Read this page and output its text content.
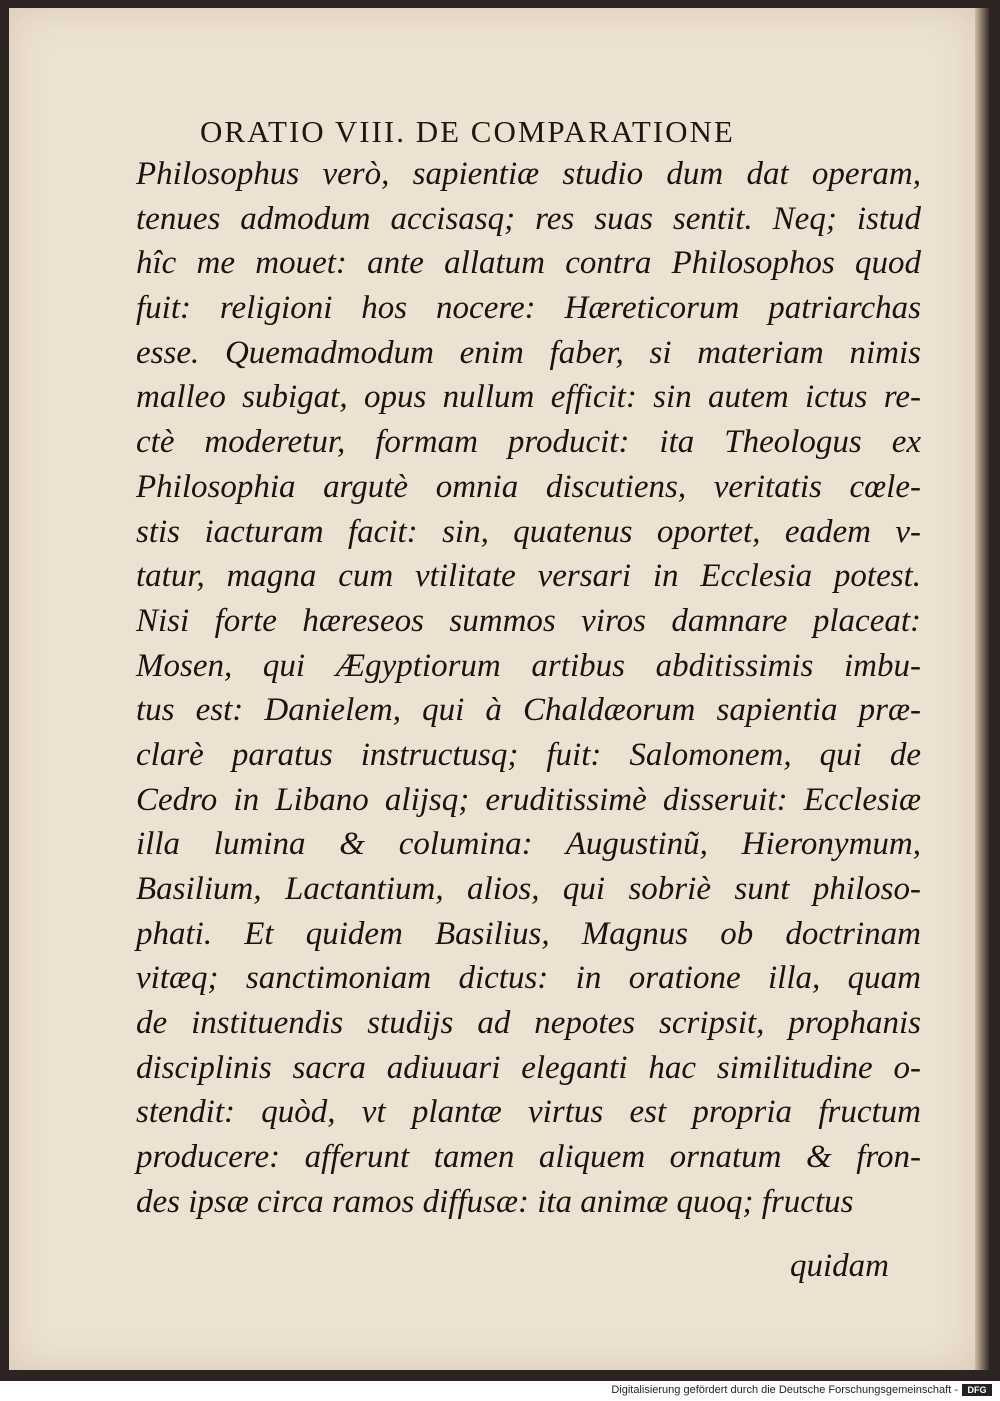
ORATIO VIII. DE COMPARATIONE
Philosophus verò, sapientiæ studio dum dat operam,
tenues admodum accisasq; res suas sentit. Neq; istud
hîc me mouet: ante allatum contra Philosophos quod
fuit: religioni hos nocere: Hæreticorum patriarchas
esse. Quemadmodum enim faber, si materiam nimis
malleo subigat, opus nullum efficit: sin autem ictus re-
ctè moderetur, formam producit: ita Theologus ex
Philosophia argutè omnia discutiens, veritatis cœle-
stis iacturam facit: sin, quatenus oportet, eadem v-
tatur, magna cum vtilitate versari in Ecclesia potest.
Nisi forte hæreseos summos viros damnare placeat:
Mosen, qui Ægyptiorum artibus abditissimis imbu-
tus est: Danielem, qui à Chaldæorum sapientia præ-
clarè paratus instructusq; fuit: Salomonem, qui de
Cedro in Libano alijsq; eruditissimè disseruit: Ecclesiæ
illa lumina & columina: Augustinũ, Hieronymum,
Basilium, Lactantium, alios, qui sobriè sunt philoso-
phati. Et quidem Basilius, Magnus ob doctrinam
vitæq; sanctimoniam dictus: in oratione illa, quam
de instituendis studijs ad nepotes scripsit, prophanis
disciplinis sacra adiuuari eleganti hac similitudine o-
stendit: quòd, vt plantæ virtus est propria fructum
producere: afferunt tamen aliquem ornatum & fron-
des ipsæ circa ramos diffusæ: ita animæ quoq; fructus
quidam
Digitalisierung gefördert durch die Deutsche Forschungsgemeinschaft -	DFG
